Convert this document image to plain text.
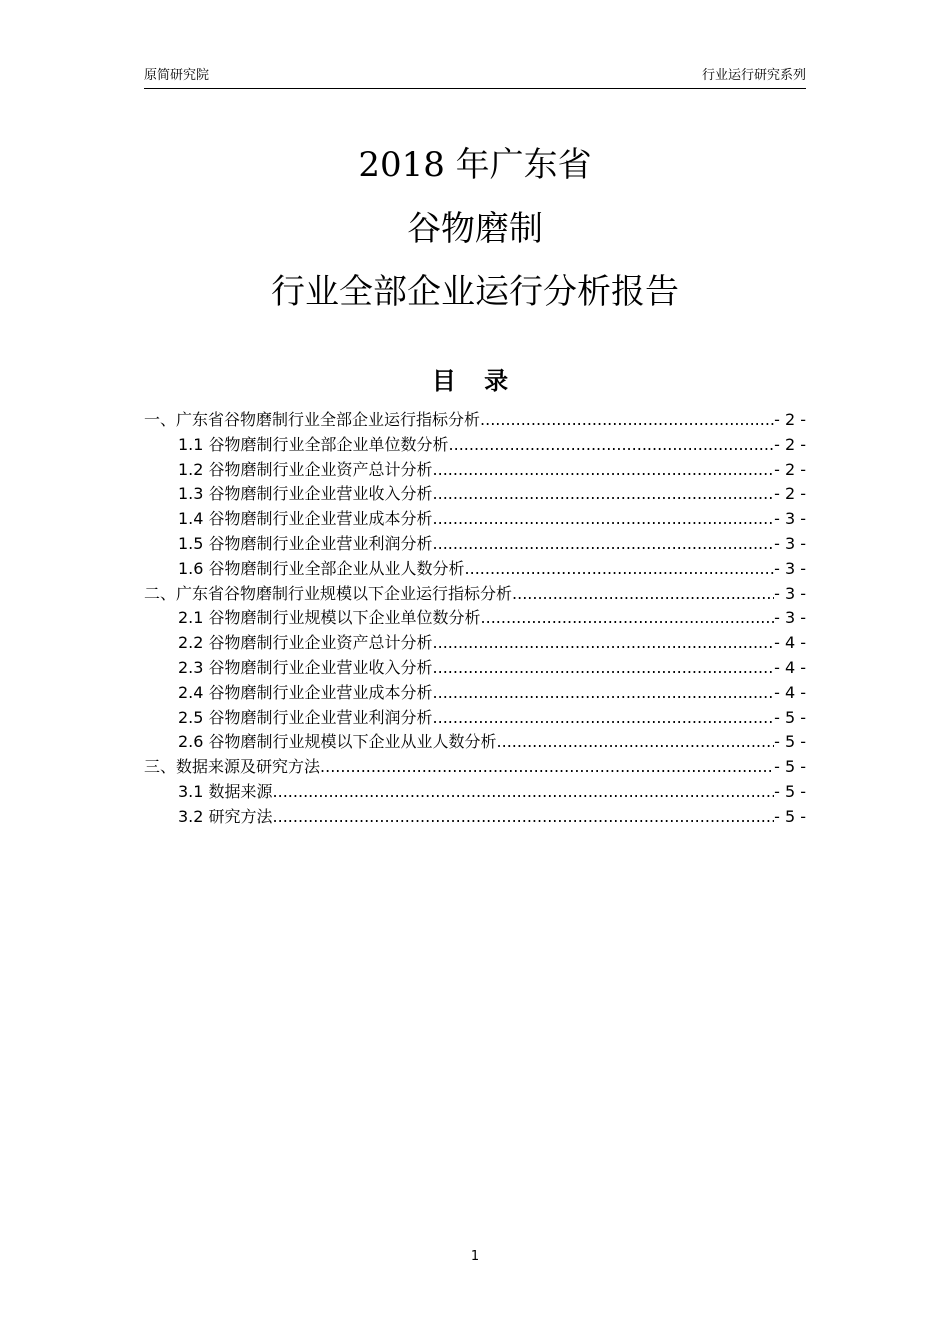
原简研究院	行业运行研究系列
2018 年广东省
谷物磨制
行业全部企业运行分析报告
目 录
一、广东省谷物磨制行业全部企业运行指标分析 .....	- 2 -
1.1 谷物磨制行业全部企业单位数分析 .....	- 2 -
1.2 谷物磨制行业企业资产总计分析 .....	- 2 -
1.3 谷物磨制行业企业营业收入分析 .....	- 2 -
1.4 谷物磨制行业企业营业成本分析 .....	- 3 -
1.5 谷物磨制行业企业营业利润分析 .....	- 3 -
1.6 谷物磨制行业全部企业从业人数分析 .....	- 3 -
二、广东省谷物磨制行业规模以下企业运行指标分析 .....	- 3 -
2.1 谷物磨制行业规模以下企业单位数分析 .....	- 3 -
2.2 谷物磨制行业企业资产总计分析 .....	- 4 -
2.3 谷物磨制行业企业营业收入分析 .....	- 4 -
2.4 谷物磨制行业企业营业成本分析 .....	- 4 -
2.5 谷物磨制行业企业营业利润分析 .....	- 5 -
2.6 谷物磨制行业规模以下企业从业人数分析 .....	- 5 -
三、数据来源及研究方法 .....	- 5 -
3.1 数据来源 .....	- 5 -
3.2 研究方法 .....	- 5 -
1
